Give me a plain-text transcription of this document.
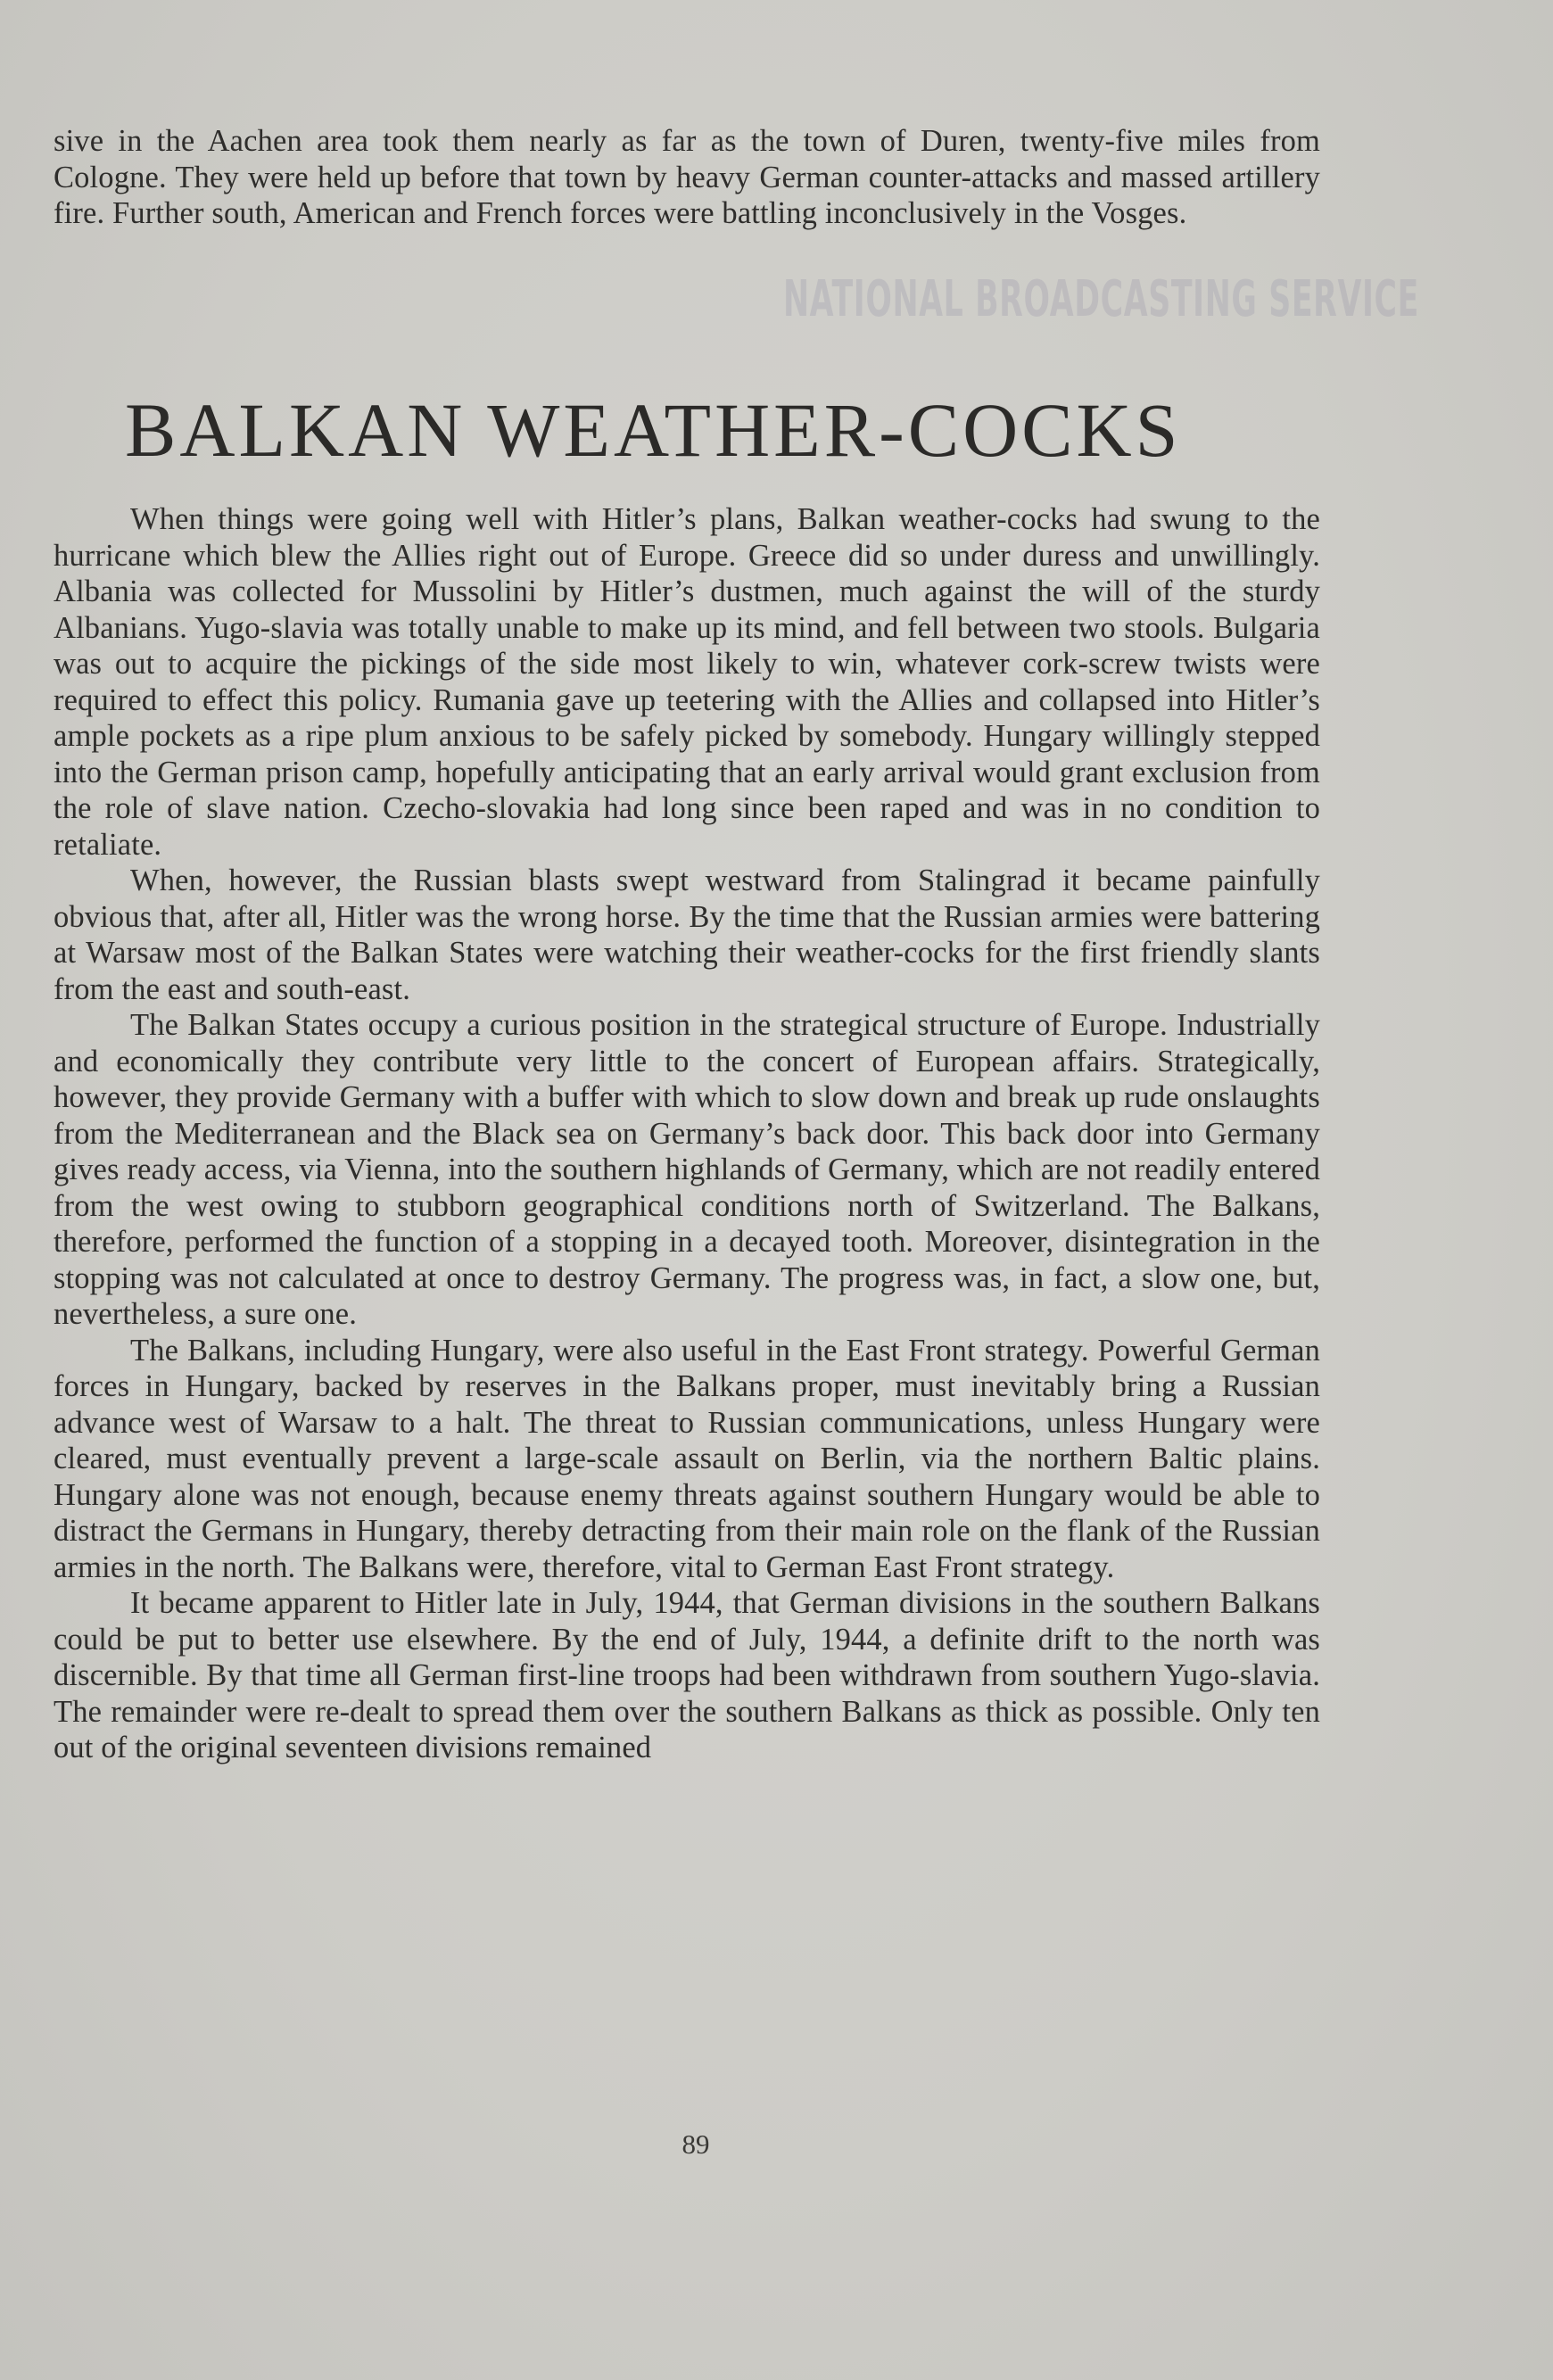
sive in the Aachen area took them nearly as far as the town of Duren, twenty-five miles from Cologne. They were held up before that town by heavy German counter-attacks and massed artillery fire. Further south, American and French forces were battling inconclusively in the Vosges.

NATIONAL BROADCASTING SERVICE
BALKAN WEATHER-COCKS

When things were going well with Hitler’s plans, Balkan weather-cocks had swung to the hurricane which blew the Allies right out of Europe. Greece did so under duress and unwillingly. Albania was collected for Mussolini by Hitler’s dustmen, much against the will of the sturdy Albanians. Yugo-slavia was totally unable to make up its mind, and fell between two stools. Bulgaria was out to acquire the pickings of the side most likely to win, whatever cork-screw twists were required to effect this policy. Rumania gave up teetering with the Allies and collapsed into Hitler’s ample pockets as a ripe plum anxious to be safely picked by somebody. Hungary willingly stepped into the German prison camp, hopefully anticipating that an early arrival would grant exclusion from the role of slave nation. Czecho-slovakia had long since been raped and was in no condition to retaliate.

When, however, the Russian blasts swept westward from Stalingrad it became painfully obvious that, after all, Hitler was the wrong horse. By the time that the Russian armies were battering at Warsaw most of the Balkan States were watching their weather-cocks for the first friendly slants from the east and south-east.

The Balkan States occupy a curious position in the strategical structure of Europe. Industrially and economically they contribute very little to the concert of European affairs. Strategically, however, they provide Germany with a buffer with which to slow down and break up rude onslaughts from the Mediterranean and the Black sea on Germany’s back door. This back door into Germany gives ready access, via Vienna, into the southern highlands of Germany, which are not readily entered from the west owing to stubborn geographical conditions north of Switzerland. The Balkans, therefore, performed the function of a stopping in a decayed tooth. Moreover, disintegration in the stopping was not calculated at once to destroy Germany. The progress was, in fact, a slow one, but, nevertheless, a sure one.

The Balkans, including Hungary, were also useful in the East Front strategy. Powerful German forces in Hungary, backed by reserves in the Balkans proper, must inevitably bring a Russian advance west of Warsaw to a halt. The threat to Russian communications, unless Hungary were cleared, must eventually prevent a large-scale assault on Berlin, via the northern Baltic plains. Hungary alone was not enough, because enemy threats against southern Hungary would be able to distract the Germans in Hungary, thereby detracting from their main role on the flank of the Russian armies in the north. The Balkans were, therefore, vital to German East Front strategy.

It became apparent to Hitler late in July, 1944, that German divisions in the southern Balkans could be put to better use elsewhere. By the end of July, 1944, a definite drift to the north was discernible. By that time all German first-line troops had been withdrawn from southern Yugo-slavia. The remainder were re-dealt to spread them over the southern Balkans as thick as possible. Only ten out of the original seventeen divisions remained

89
